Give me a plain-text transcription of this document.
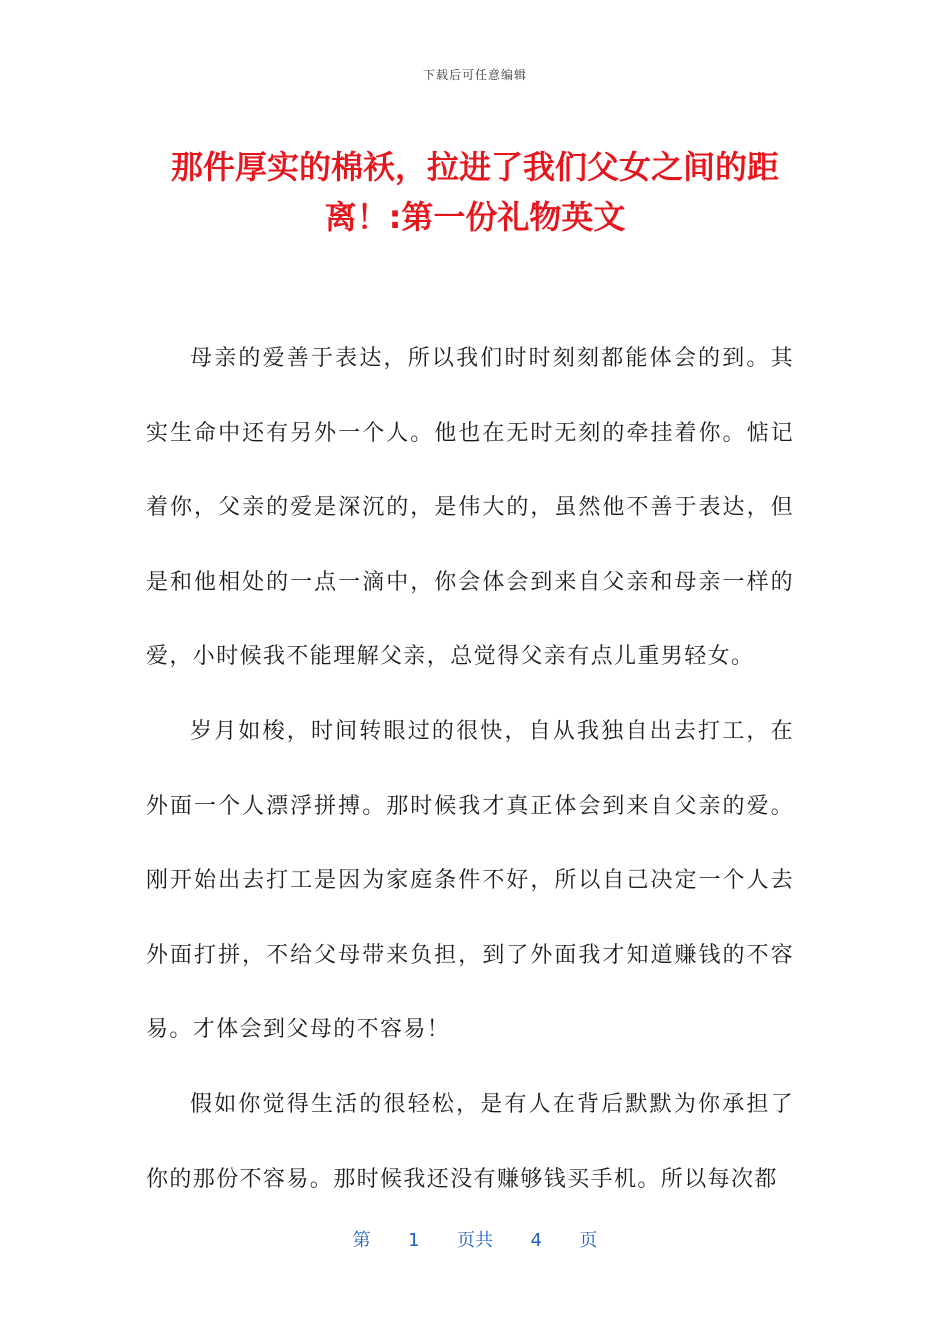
下载后可任意编辑
那件厚实的棉袄，拉进了我们父女之间的距离！:第一份礼物英文

母亲的爱善于表达，所以我们时时刻刻都能体会的到。其实生命中还有另外一个人。他也在无时无刻的牵挂着你。惦记着你，父亲的爱是深沉的，是伟大的，虽然他不善于表达，但是和他相处的一点一滴中，你会体会到来自父亲和母亲一样的爱，小时候我不能理解父亲，总觉得父亲有点儿重男轻女。

岁月如梭，时间转眼过的很快，自从我独自出去打工，在外面一个人漂浮拼搏。那时候我才真正体会到来自父亲的爱。刚开始出去打工是因为家庭条件不好，所以自己决定一个人去外面打拼，不给父母带来负担，到了外面我才知道赚钱的不容易。才体会到父母的不容易！

假如你觉得生活的很轻松，是有人在背后默默为你承担了你的那份不容易。那时候我还没有赚够钱买手机。所以每次都

第 1 页共 4 页
